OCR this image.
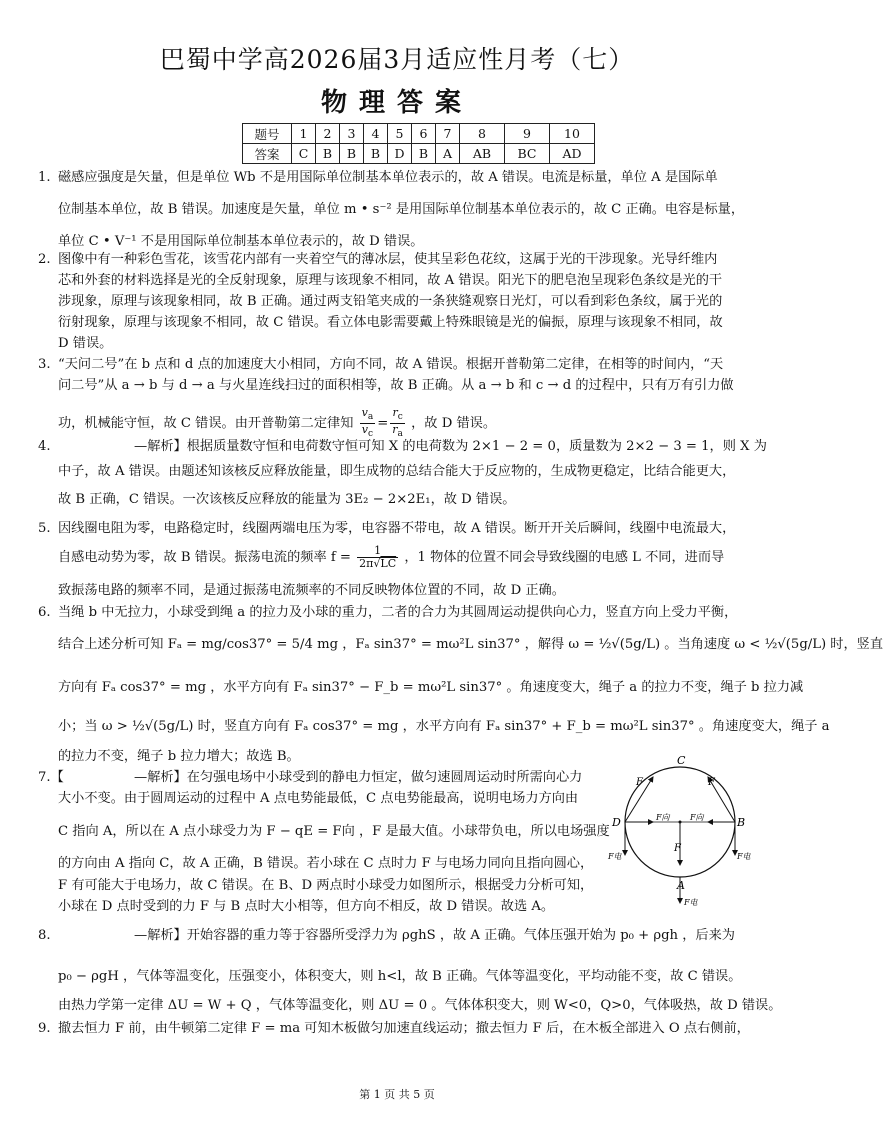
巴蜀中学高2026届3月适应性月考（七）
物理答案
题号	1	2	3	4	5	6	7	8	9	10
答案	C	B	B	B	D	B	A	AB	BC	AD
1. 磁感应强度是矢量，但是单位 Wb 不是用国际单位制基本单位表示的，故 A 错误。电流是标量，单位 A 是国际单
位制基本单位，故 B 错误。加速度是矢量，单位 m • s⁻² 是用国际单位制基本单位表示的，故 C 正确。电容是标量，
单位 C • V⁻¹ 不是用国际单位制基本单位表示的，故 D 错误。
2. 图像中有一种彩色雪花，该雪花内部有一夹着空气的薄冰层，使其呈彩色花纹，这属于光的干涉现象。光导纤维内
芯和外套的材料选择是光的全反射现象，原理与该现象不相同，故 A 错误。阳光下的肥皂泡呈现彩色条纹是光的干
涉现象，原理与该现象相同，故 B 正确。通过两支铅笔夹成的一条狭缝观察日光灯，可以看到彩色条纹，属于光的
衍射现象，原理与该现象不相同，故 C 错误。看立体电影需要戴上特殊眼镜是光的偏振，原理与该现象不相同，故
D 错误。
3. “天问二号”在 b 点和 d 点的加速度大小相同，方向不同，故 A 错误。根据开普勒第二定律，在相等的时间内，“天
问二号”从 a → b 与 d → a 与火星连线扫过的面积相等，故 B 正确。从 a → b 和 c → d 的过程中，只有万有引力做
功，机械能守恒，故 C 错误。由开普勒第二定律知 $\frac{v_a}{v_c} = \frac{r_c}{r_a}$ ，故 D 错误。
4.	—解析】根据质量数守恒和电荷数守恒可知 X 的电荷数为 2×1 − 2 = 0，质量数为 2×2 − 3 = 1，则 X 为
中子，故 A 错误。由题述知该核反应释放能量，即生成物的总结合能大于反应物的，生成物更稳定，比结合能更大，
故 B 正确，C 错误。一次该核反应释放的能量为 3E₂ − 2×2E₁，故 D 错误。
5. 因线圈电阻为零，电路稳定时，线圈两端电压为零，电容器不带电，故 A 错误。断开开关后瞬间，线圈中电流最大，
自感电动势为零，故 B 错误。振荡电流的频率 $f = \frac{1}{2\pi√LC}$ ，1 物体的位置不同会导致线圈的电感 L 不同，进而导
致振荡电路的频率不同，是通过振荡电流频率的不同反映物体位置的不同，故 D 正确。
6. 当绳 b 中无拉力，小球受到绳 a 的拉力及小球的重力，二者的合力为其圆周运动提供向心力，竖直方向上受力平衡，
结合上述分析可知 Fₐ = mg/cos37° = 5/4 mg ，Fₐ sin37° = mω²L sin37° ，解得 ω = ½√(5g/L) 。当角速度 ω < ½√(5g/L) 时，竖直
方向有 Fₐ cos37° = mg ，水平方向有 Fₐ sin37° − F_b = mω²L sin37° 。角速度变大，绳子 a 的拉力不变，绳子 b 拉力减
小；当 ω > ½√(5g/L) 时，竖直方向有 Fₐ cos37° = mg ，水平方向有 Fₐ sin37° + F_b = mω²L sin37° 。角速度变大，绳子 a
的拉力不变，绳子 b 拉力增大；故选 B。
7.【	—解析】在匀强电场中小球受到的静电力恒定，做匀速圆周运动时所需向心力
大小不变。由于圆周运动的过程中 A 点电势能最低，C 点电势能最高，说明电场力方向由
C 指向 A，所以在 A 点小球受力为 F − qE = F向 ，F 是最大值。小球带负电，所以电场强度
的方向由 A 指向 C，故 A 正确，B 错误。若小球在 C 点时力 F 与电场力同向且指向圆心，
F 有可能大于电场力，故 C 错误。在 B、D 两点时小球受力如图所示，根据受力分析可知，
小球在 D 点时受到的力 F 与 B 点时大小相等，但方向不相反，故 D 错误。故选 A。
C
A
B
D
F	F
F
F向	F向
F电	F电
F电
8.	—解析】开始容器的重力等于容器所受浮力为 ρghS ，故 A 正确。气体压强开始为 p₀ + ρgh ，后来为
p₀ − ρgH ，气体等温变化，压强变小，体积变大，则 h<l，故 B 正确。气体等温变化，平均动能不变，故 C 错误。
由热力学第一定律 ΔU = W + Q ，气体等温变化，则 ΔU = 0 。气体体积变大，则 W<0，Q>0，气体吸热，故 D 错误。
9. 撤去恒力 F 前，由牛顿第二定律 F = ma 可知木板做匀加速直线运动；撤去恒力 F 后，在木板全部进入 O 点右侧前，
第 1 页 共 5 页
